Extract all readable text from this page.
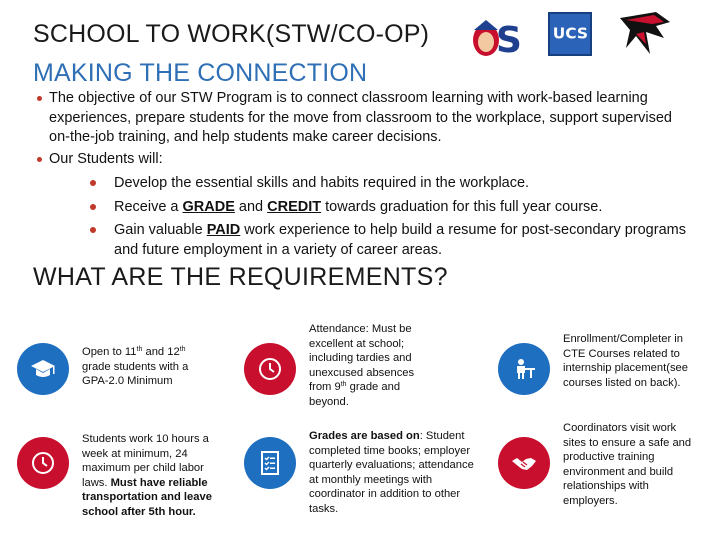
SCHOOL TO WORK(STW/CO-OP)
MAKING THE CONNECTION
S UCS
The objective of our STW Program is to connect classroom learning with work-based learning experiences, prepare students for the move from classroom to the workplace, support supervised on-the-job training, and help students make career decisions.
Our Students will:
Develop the essential skills and habits required in the workplace.
Receive a GRADE and CREDIT towards graduation for this full year course.
Gain valuable PAID work experience to help build a resume for post-secondary programs and future employment in a variety of career areas.
WHAT ARE THE REQUIREMENTS?
Open to 11th and 12th grade students with a GPA-2.0 Minimum
Attendance: Must be excellent at school; including tardies and unexcused absences from 9th grade and beyond.
Enrollment/Completer in CTE Courses related to internship placement(see courses listed on back).
Students work 10 hours a week at minimum, 24 maximum per child labor laws. Must have reliable transportation and leave school after 5th hour.
Grades are based on: Student completed time books; employer quarterly evaluations; attendance at monthly meetings with coordinator in addition to other tasks.
Coordinators visit work sites to ensure a safe and productive training environment and build relationships with employers.
